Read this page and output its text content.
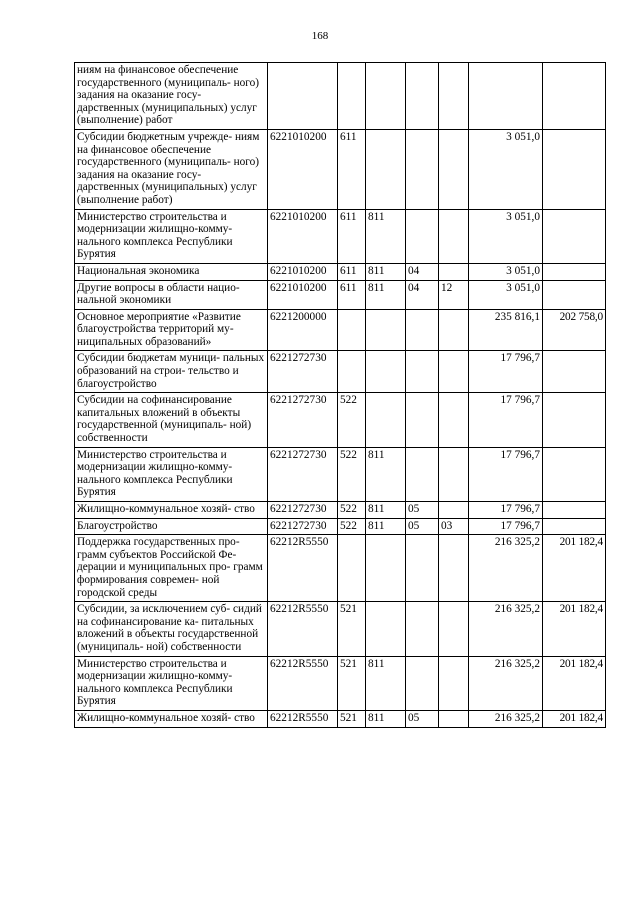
168
ниям на финансовое обеспечение государственного (муниципаль- ного) задания на оказание госу- дарственных (муниципальных) услуг (выполнение) работ							
Субсидии бюджетным учрежде- ниям на финансовое обеспечение государственного (муниципаль- ного) задания на оказание госу- дарственных (муниципальных) услуг (выполнение работ)	6221010200	611				3 051,0	
Министерство строительства и модернизации жилищно-комму- нального комплекса Республики Бурятия	6221010200	611	811			3 051,0	
Национальная экономика	6221010200	611	811	04		3 051,0	
Другие вопросы в области нацио- нальной экономики	6221010200	611	811	04	12	3 051,0	
Основное мероприятие «Развитие благоустройства территорий му- ниципальных образований»	6221200000					235 816,1	202 758,0
Субсидии бюджетам муници- пальных образований на строи- тельство и благоустройство	6221272730					17 796,7	
Субсидии на софинансирование капитальных вложений в объекты государственной (муниципаль- ной) собственности	6221272730	522				17 796,7	
Министерство строительства и модернизации жилищно-комму- нального комплекса Республики Бурятия	6221272730	522	811			17 796,7	
Жилищно-коммунальное хозяй- ство	6221272730	522	811	05		17 796,7	
Благоустройство	6221272730	522	811	05	03	17 796,7	
Поддержка государственных про- грамм субъектов Российской Фе- дерации и муниципальных про- грамм формирования современ- ной городской среды	62212R5550					216 325,2	201 182,4
Субсидии, за исключением суб- сидий на софинансирование ка- питальных вложений в объекты государственной (муниципаль- ной) собственности	62212R5550	521				216 325,2	201 182,4
Министерство строительства и модернизации жилищно-комму- нального комплекса Республики Бурятия	62212R5550	521	811			216 325,2	201 182,4
Жилищно-коммунальное хозяй- ство	62212R5550	521	811	05		216 325,2	201 182,4
